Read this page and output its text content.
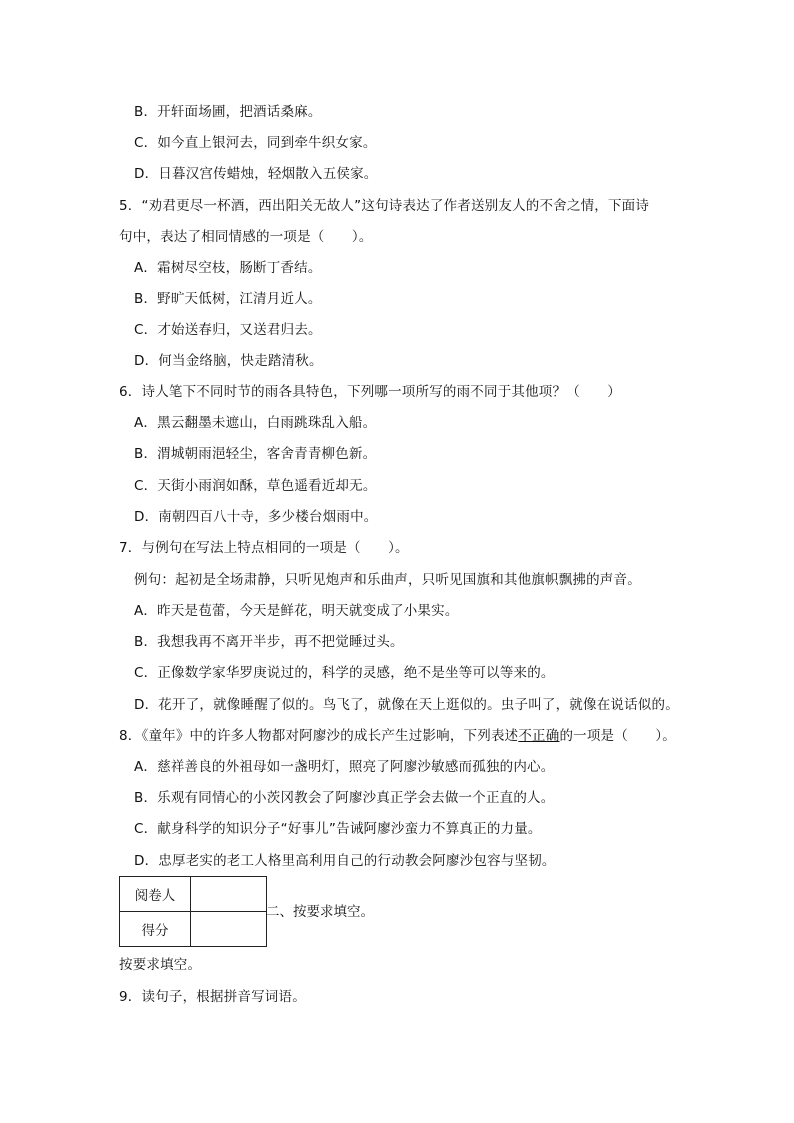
B．开轩面场圃，把酒话桑麻。
C．如今直上银河去，同到牵牛织女家。
D．日暮汉宫传蜡烛，轻烟散入五侯家。
5．“劝君更尽一杯酒，西出阳关无故人”这句诗表达了作者送别友人的不舍之情，下面诗
句中，表达了相同情感的一项是（　　）。
A．霜树尽空枝，肠断丁香结。
B．野旷天低树，江清月近人。
C．才始送春归，又送君归去。
D．何当金络脑，快走踏清秋。
6．诗人笔下不同时节的雨各具特色，下列哪一项所写的雨不同于其他项？（　　）
A．黑云翻墨未遮山，白雨跳珠乱入船。
B．渭城朝雨浥轻尘，客舍青青柳色新。
C．天街小雨润如酥，草色遥看近却无。
D．南朝四百八十寺，多少楼台烟雨中。
7．与例句在写法上特点相同的一项是（　　）。
例句：起初是全场肃静，只听见炮声和乐曲声，只听见国旗和其他旗帜飘拂的声音。
A．昨天是苞蕾，今天是鲜花，明天就变成了小果实。
B．我想我再不离开半步，再不把觉睡过头。
C．正像数学家华罗庚说过的，科学的灵感，绝不是坐等可以等来的。
D．花开了，就像睡醒了似的。鸟飞了，就像在天上逛似的。虫子叫了，就像在说话似的。
8．《童年》中的许多人物都对阿廖沙的成长产生过影响，下列表述不正确的一项是（　　）。
A．慈祥善良的外祖母如一盏明灯，照亮了阿廖沙敏感而孤独的内心。
B．乐观有同情心的小茨冈教会了阿廖沙真正学会去做一个正直的人。
C．献身科学的知识分子“好事儿”告诫阿廖沙蛮力不算真正的力量。
D．忠厚老实的老工人格里高利用自己的行动教会阿廖沙包容与坚韧。
阅卷人	
得分	
二、按要求填空。
按要求填空。
9．读句子，根据拼音写词语。
